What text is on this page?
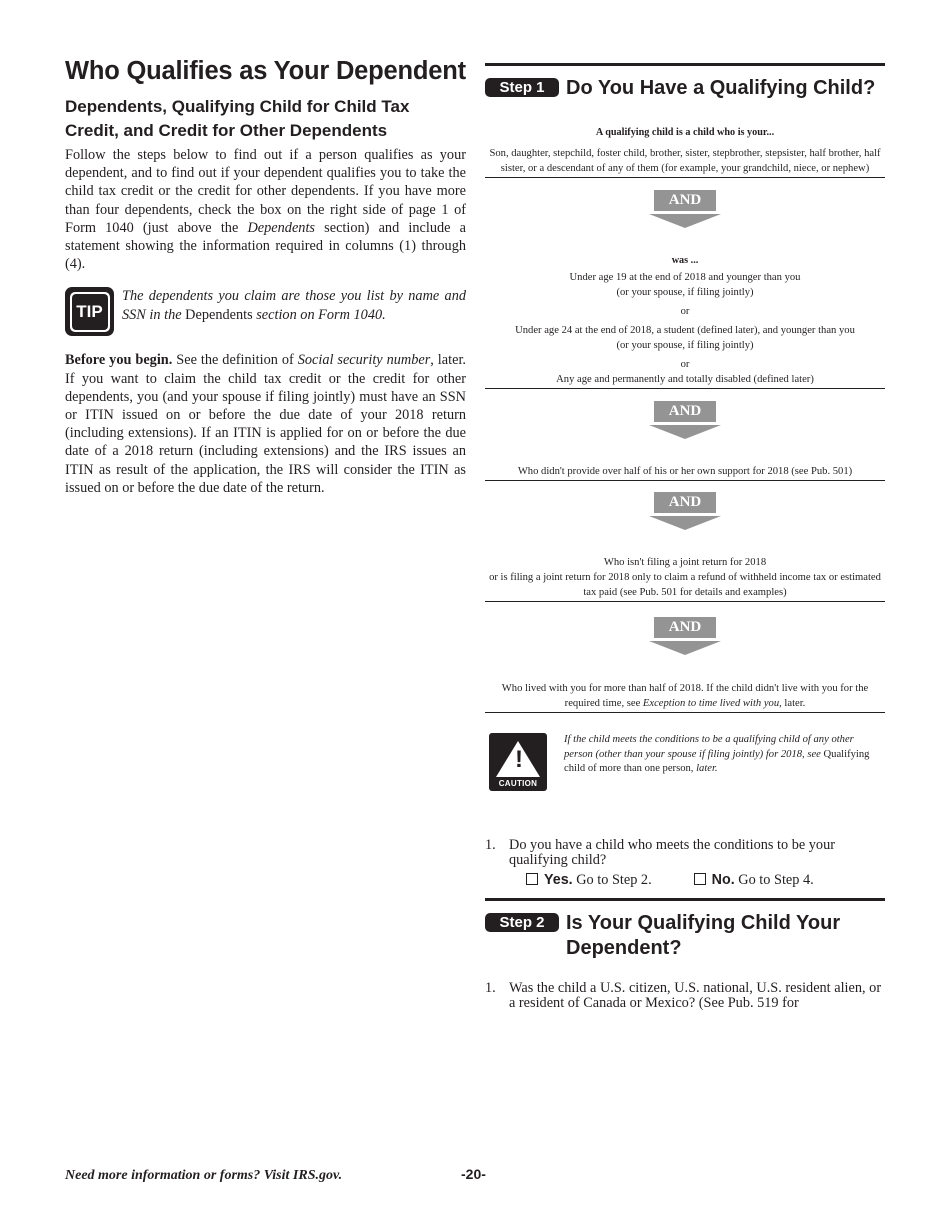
Who Qualifies as Your Dependent
Dependents, Qualifying Child for Child Tax Credit, and Credit for Other Dependents

Follow the steps below to find out if a person qualifies as your dependent, and to find out if your dependent qualifies you to take the child tax credit or the credit for other dependents. If you have more than four dependents, check the box on the right side of page 1 of Form 1040 (just above the Dependents section) and include a statement showing the information required in columns (1) through (4).

TIP
The dependents you claim are those you list by name and SSN in the Dependents section on Form 1040.

Before you begin. See the definition of Social security number, later. If you want to claim the child tax credit or the credit for other dependents, you (and your spouse if filing jointly) must have an SSN or ITIN issued on or before the due date of your 2018 return (including extensions). If an ITIN is applied for on or before the due date of a 2018 return (including extensions) and the IRS issues an ITIN as result of the application, the IRS will consider the ITIN as issued on or before the due date of the return.

Step 1	Do You Have a Qualifying Child?
A qualifying child is a child who is your...
Son, daughter, stepchild, foster child, brother, sister, stepbrother, stepsister, half brother, half sister, or a descendant of any of them (for example, your grandchild, niece, or nephew)
AND
was ...
Under age 19 at the end of 2018 and younger than you
(or your spouse, if filing jointly)
or
Under age 24 at the end of 2018, a student (defined later), and younger than you
(or your spouse, if filing jointly)
or
Any age and permanently and totally disabled (defined later)
AND
Who didn't provide over half of his or her own support for 2018 (see Pub. 501)
AND
Who isn't filing a joint return for 2018
or is filing a joint return for 2018 only to claim a refund of withheld income tax or estimated tax paid (see Pub. 501 for details and examples)
AND
Who lived with you for more than half of 2018. If the child didn't live with you for the required time, see Exception to time lived with you, later.
!
CAUTION
If the child meets the conditions to be a qualifying child of any other person (other than your spouse if filing jointly) for 2018, see Qualifying child of more than one person, later.
1. Do you have a child who meets the conditions to be your qualifying child?
Yes. Go to Step 2.	No. Go to Step 4.
Step 2	Is Your Qualifying Child Your Dependent?
1. Was the child a U.S. citizen, U.S. national, U.S. resident alien, or a resident of Canada or Mexico? (See Pub. 519 for
Need more information or forms? Visit IRS.gov.	-20-
